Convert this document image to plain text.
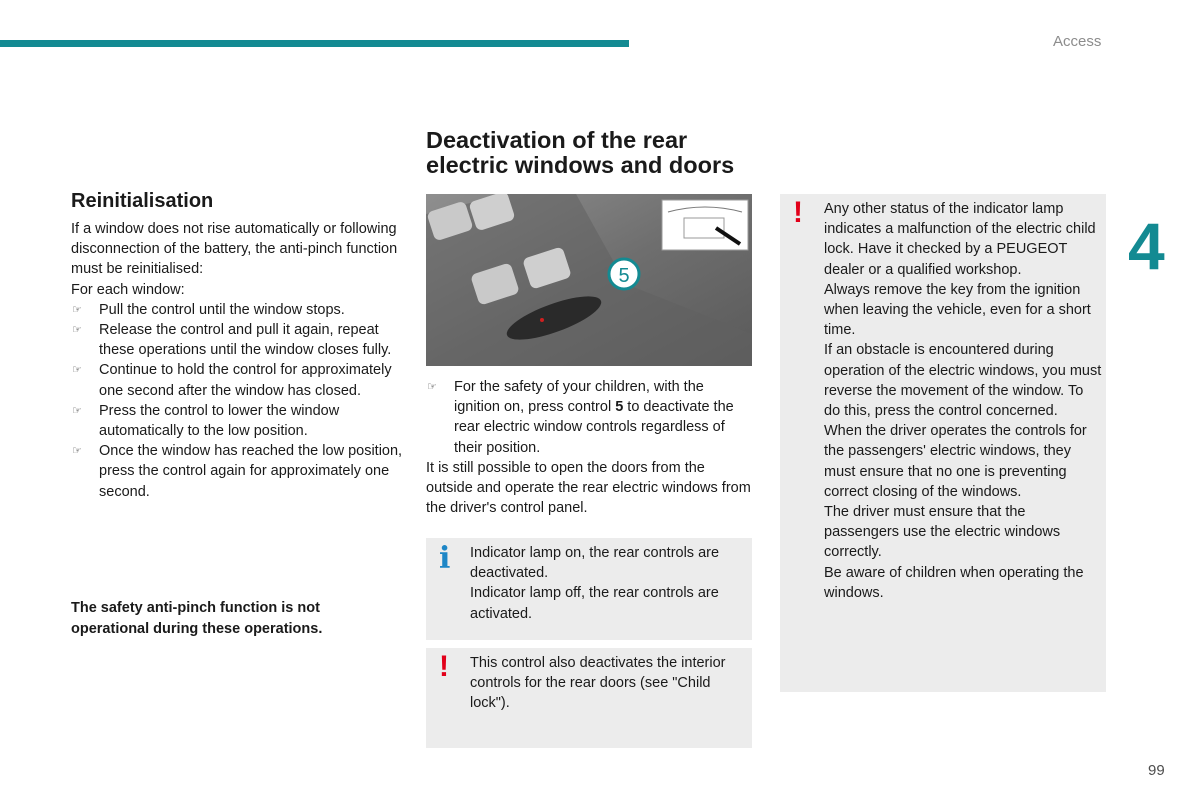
Access
4
Reinitialisation

If a window does not rise automatically or following disconnection of the battery, the anti-pinch function must be reinitialised:

For each window:

☞ Pull the control until the window stops.
☞ Release the control and pull it again, repeat these operations until the window closes fully.
☞ Continue to hold the control for approximately one second after the window has closed.
☞ Press the control to lower the window automatically to the low position.
☞ Once the window has reached the low position, press the control again for approximately one second.

The safety anti-pinch function is not operational during these operations.

Deactivation of the rear electric windows and doors
5
☞ For the safety of your children, with the ignition on, press control 5 to deactivate the rear electric window controls regardless of their position.

It is still possible to open the doors from the outside and operate the rear electric windows from the driver's control panel.

i Indicator lamp on, the rear controls are deactivated.

Indicator lamp off, the rear controls are activated.

! This control also deactivates the interior controls for the rear doors (see "Child lock").

! Any other status of the indicator lamp indicates a malfunction of the electric child lock. Have it checked by a PEUGEOT dealer or a qualified workshop.

Always remove the key from the ignition when leaving the vehicle, even for a short time.

If an obstacle is encountered during operation of the electric windows, you must reverse the movement of the window. To do this, press the control concerned.

When the driver operates the controls for the passengers' electric windows, they must ensure that no one is preventing correct closing of the windows.

The driver must ensure that the passengers use the electric windows correctly.

Be aware of children when operating the windows.

99
